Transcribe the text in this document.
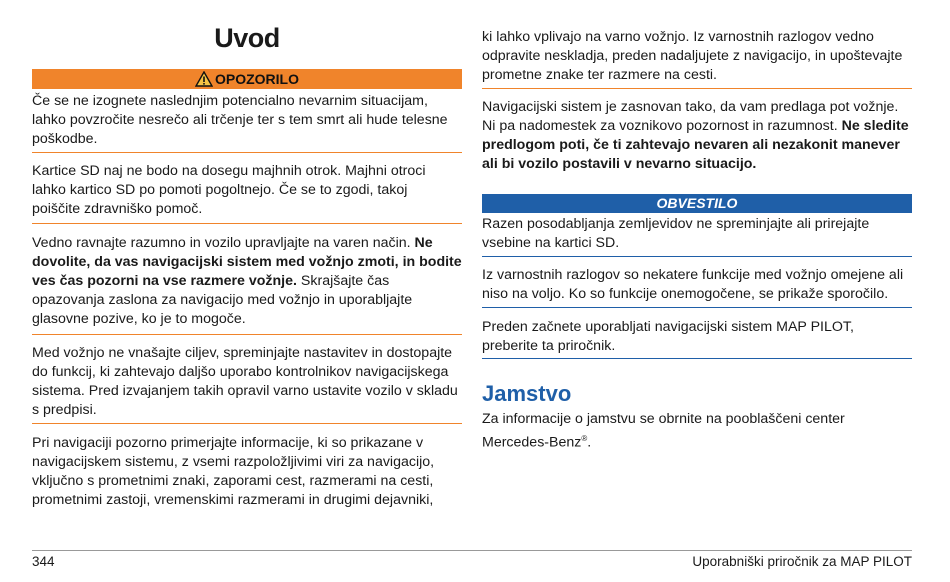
Uvod
OPOZORILO
Če se ne izognete naslednjim potencialno nevarnim situacijam, lahko povzročite nesrečo ali trčenje ter s tem smrt ali hude telesne poškodbe.
Kartice SD naj ne bodo na dosegu majhnih otrok. Majhni otroci lahko kartico SD po pomoti pogoltnejo. Če se to zgodi, takoj poiščite zdravniško pomoč.
Vedno ravnajte razumno in vozilo upravljajte na varen način. Ne dovolite, da vas navigacijski sistem med vožnjo zmoti, in bodite ves čas pozorni na vse razmere vožnje. Skrajšajte čas opazovanja zaslona za navigacijo med vožnjo in uporabljajte glasovne pozive, ko je to mogoče.
Med vožnjo ne vnašajte ciljev, spreminjajte nastavitev in dostopajte do funkcij, ki zahtevajo daljšo uporabo kontrolnikov navigacijskega sistema. Pred izvajanjem takih opravil varno ustavite vozilo v skladu s predpisi.
Pri navigaciji pozorno primerjajte informacije, ki so prikazane v navigacijskem sistemu, z vsemi razpoložljivimi viri za navigacijo, vključno s prometnimi znaki, zaporami cest, razmerami na cesti, prometnimi zastoji, vremenskimi razmerami in drugimi dejavniki,
ki lahko vplivajo na varno vožnjo. Iz varnostnih razlogov vedno odpravite neskladja, preden nadaljujete z navigacijo, in upoštevajte prometne znake ter razmere na cesti.
Navigacijski sistem je zasnovan tako, da vam predlaga pot vožnje. Ni pa nadomestek za voznikovo pozornost in razumnost. Ne sledite predlogom poti, če ti zahtevajo nevaren ali nezakonit manever ali bi vozilo postavili v nevarno situacijo.
OBVESTILO
Razen posodabljanja zemljevidov ne spreminjajte ali prirejajte vsebine na kartici SD.
Iz varnostnih razlogov so nekatere funkcije med vožnjo omejene ali niso na voljo. Ko so funkcije onemogočene, se prikaže sporočilo.
Preden začnete uporabljati navigacijski sistem MAP PILOT, preberite ta priročnik.
Jamstvo
Za informacije o jamstvu se obrnite na pooblaščeni center Mercedes-Benz®.
344	Uporabniški priročnik za MAP PILOT
